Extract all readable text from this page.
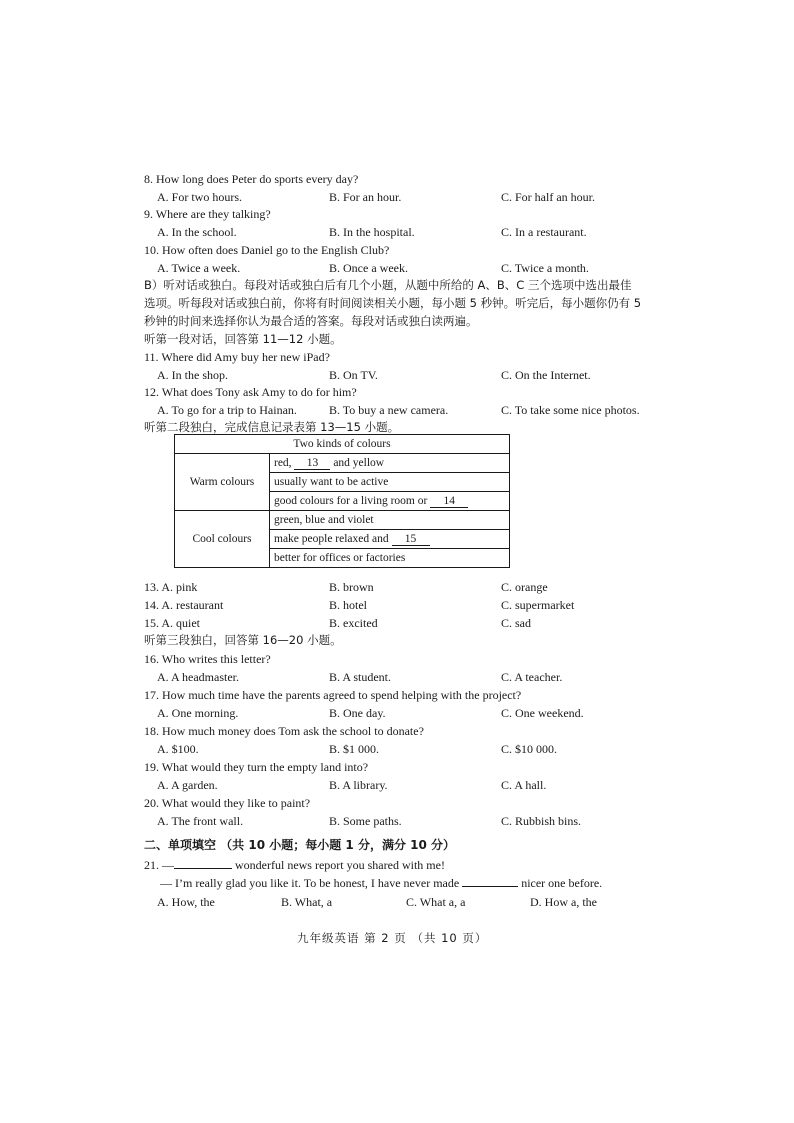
8. How long does Peter do sports every day?
A. For two hours.	B. For an hour.	C. For half an hour.
9. Where are they talking?
A. In the school.	B. In the hospital.	C. In a restaurant.
10. How often does Daniel go to the English Club?
A. Twice a week.	B. Once a week.	C. Twice a month.
B）听对话或独白。每段对话或独白后有几个小题，从题中所给的 A、B、C 三个选项中选出最佳
选项。听每段对话或独白前，你将有时间阅读相关小题，每小题 5 秒钟。听完后，每小题你仍有 5
秒钟的时间来选择你认为最合适的答案。每段对话或独白读两遍。
听第一段对话，回答第 11—12 小题。
11. Where did Amy buy her new iPad?
A. In the shop.	B. On TV.	C. On the Internet.
12. What does Tony ask Amy to do for him?
A. To go for a trip to Hainan.	B. To buy a new camera.	C. To take some nice photos.
听第二段独白，完成信息记录表第 13—15 小题。
Two kinds of colours	
Warm colours	red, 13 and yellow
	usually want to be active
	good colours for a living room or 14
Cool colours	green, blue and violet
	make people relaxed and 15
	better for offices or factories
13. A. pink	B. brown	C. orange
14. A. restaurant	B. hotel	C. supermarket
15. A. quiet	B. excited	C. sad
听第三段独白，回答第 16—20 小题。
16. Who writes this letter?
A. A headmaster.	B. A student.	C. A teacher.
17. How much time have the parents agreed to spend helping with the project?
A. One morning.	B. One day.	C. One weekend.
18. How much money does Tom ask the school to donate?
A. $100.	B. $1 000.	C. $10 000.
19. What would they turn the empty land into?
A. A garden.	B. A library.	C. A hall.
20. What would they like to paint?
A. The front wall.	B. Some paths.	C. Rubbish bins.
二、单项填空 （共 10 小题；每小题 1 分，满分 10 分）
21. —	wonderful news report you shared with me!
— I’m really glad you like it. To be honest, I have never made	nicer one before.
A. How, the	B. What, a	C. What a, a	D. How a, the
九年级英语 第 2 页 （共 10 页）
